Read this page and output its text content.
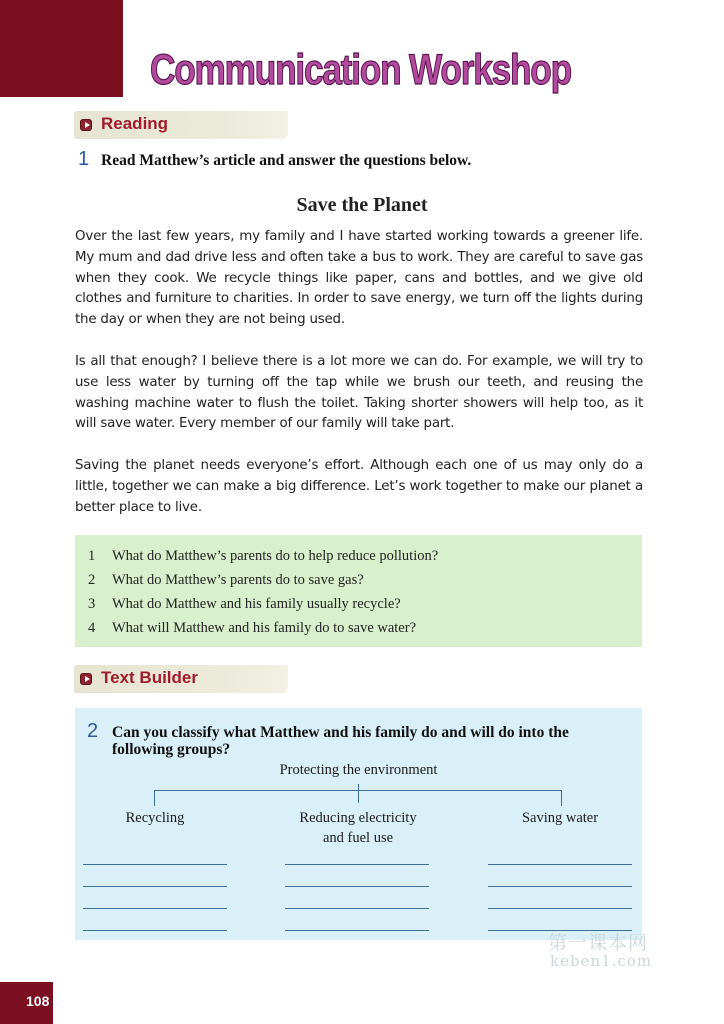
Communication Workshop
Reading
1 Read Matthew’s article and answer the questions below.
Save the Planet

Over the last few years, my family and I have started working towards a greener life. My mum and dad drive less and often take a bus to work. They are careful to save gas when they cook. We recycle things like paper, cans and bottles, and we give old clothes and furniture to charities. In order to save energy, we turn off the lights during the day or when they are not being used.

Is all that enough? I believe there is a lot more we can do. For example, we will try to use less water by turning off the tap while we brush our teeth, and reusing the washing machine water to flush the toilet. Taking shorter showers will help too, as it will save water. Every member of our family will take part.

Saving the planet needs everyone’s effort. Although each one of us may only do a little, together we can make a big difference. Let’s work together to make our planet a better place to live.

1 What do Matthew’s parents do to help reduce pollution?
2 What do Matthew’s parents do to save gas?
3 What do Matthew and his family usually recycle?
4 What will Matthew and his family do to save water?
Text Builder
2 Can you classify what Matthew and his family do and will do into the following groups?
Protecting the environment
Recycling	Reducing electricity
and fuel use
Saving water
第一课本网
keben1.com
108
